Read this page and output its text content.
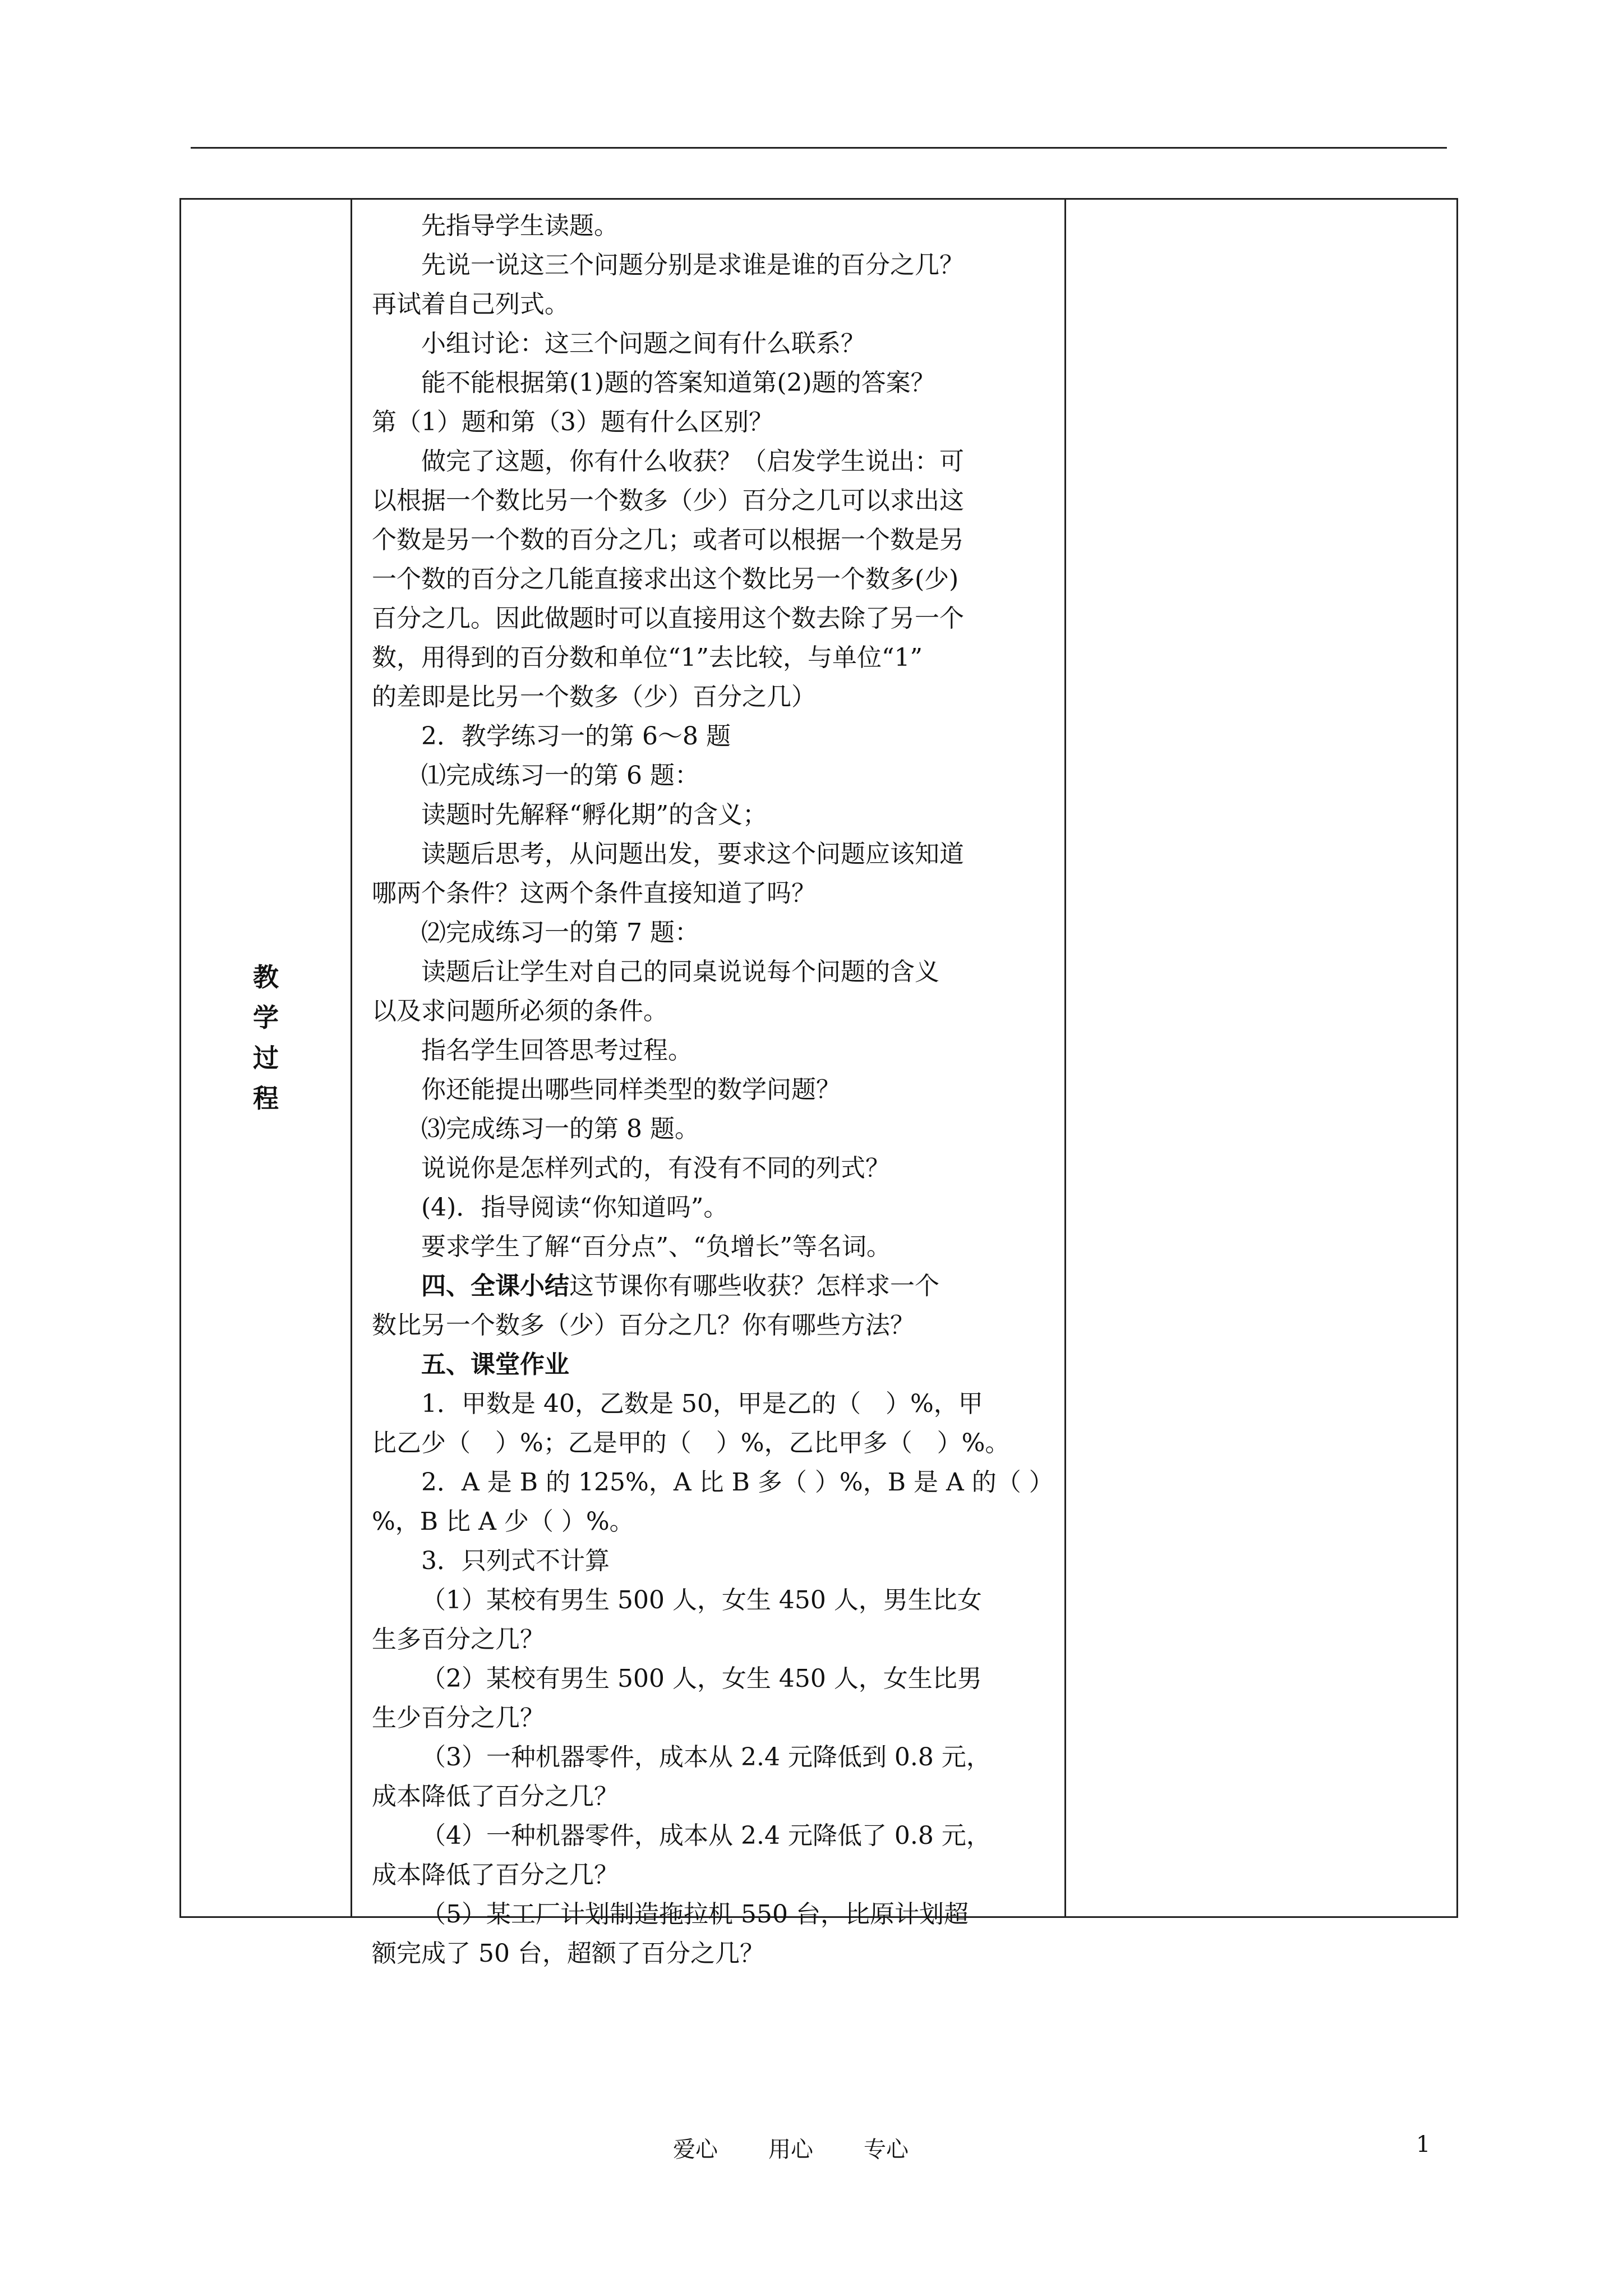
教
学
过
程
先指导学生读题。
先说一说这三个问题分别是求谁是谁的百分之几？
再试着自己列式。
小组讨论：这三个问题之间有什么联系？
能不能根据第(1)题的答案知道第(2)题的答案？
第（1）题和第（3）题有什么区别？
做完了这题，你有什么收获？（启发学生说出：可
以根据一个数比另一个数多（少）百分之几可以求出这
个数是另一个数的百分之几；或者可以根据一个数是另
一个数的百分之几能直接求出这个数比另一个数多(少)
百分之几。因此做题时可以直接用这个数去除了另一个
数，用得到的百分数和单位“1”去比较，与单位“1”
的差即是比另一个数多（少）百分之几）
2．教学练习一的第 6～8 题
⑴完成练习一的第 6 题：
读题时先解释“孵化期”的含义；
读题后思考，从问题出发，要求这个问题应该知道
哪两个条件？这两个条件直接知道了吗？
⑵完成练习一的第 7 题：
读题后让学生对自己的同桌说说每个问题的含义
以及求问题所必须的条件。
指名学生回答思考过程。
你还能提出哪些同样类型的数学问题？
⑶完成练习一的第 8 题。
说说你是怎样列式的，有没有不同的列式？
(4)．指导阅读“你知道吗”。
要求学生了解“百分点”、“负增长”等名词。
四、全课小结这节课你有哪些收获？怎样求一个
数比另一个数多（少）百分之几？你有哪些方法？
五、课堂作业
1．甲数是 40，乙数是 50，甲是乙的（　）%，甲
比乙少（　）%；乙是甲的（　）%，乙比甲多（　）%。
2．A 是 B 的 125%，A 比 B 多（ ）%，B 是 A 的（ ）
%，B 比 A 少（ ）%。
3．只列式不计算
（1）某校有男生 500 人，女生 450 人，男生比女
生多百分之几？
（2）某校有男生 500 人，女生 450 人，女生比男
生少百分之几？
（3）一种机器零件，成本从 2.4 元降低到 0.8 元，
成本降低了百分之几？
（4）一种机器零件，成本从 2.4 元降低了 0.8 元，
成本降低了百分之几？
（5）某工厂计划制造拖拉机 550 台，比原计划超
额完成了 50 台，超额了百分之几？
爱心 用心 专心	1
